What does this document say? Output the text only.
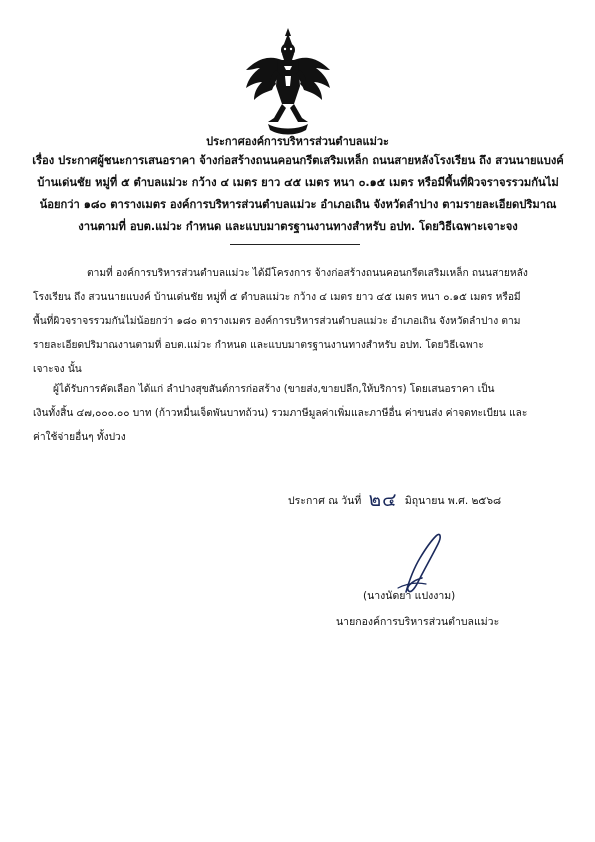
ประกาศองค์การบริหารส่วนตำบลแม่วะ
เรื่อง ประกาศผู้ชนะการเสนอราคา จ้างก่อสร้างถนนคอนกรีตเสริมเหล็ก ถนนสายหลังโรงเรียน ถึง สวนนายแบงค์
บ้านเด่นชัย หมู่ที่ ๕ ตำบลแม่วะ กว้าง ๔ เมตร ยาว ๔๕ เมตร หนา ๐.๑๕ เมตร หรือมีพื้นที่ผิวจราจรรวมกันไม่
น้อยกว่า ๑๘๐ ตารางเมตร องค์การบริหารส่วนตำบลแม่วะ อำเภอเถิน จังหวัดลำปาง ตามรายละเอียดปริมาณ
งานตามที่ อบต.แม่วะ กำหนด และแบบมาตรฐานงานทางสำหรับ อปท. โดยวิธีเฉพาะเจาะจง
ตามที่ องค์การบริหารส่วนตำบลแม่วะ ได้มีโครงการ จ้างก่อสร้างถนนคอนกรีตเสริมเหล็ก ถนนสายหลัง
โรงเรียน ถึง สวนนายแบงค์ บ้านเด่นชัย หมู่ที่ ๕ ตำบลแม่วะ กว้าง ๔ เมตร ยาว ๔๕ เมตร หนา ๐.๑๕ เมตร หรือมี
พื้นที่ผิวจราจรรวมกันไม่น้อยกว่า ๑๘๐ ตารางเมตร องค์การบริหารส่วนตำบลแม่วะ อำเภอเถิน จังหวัดลำปาง ตาม
รายละเอียดปริมาณงานตามที่ อบต.แม่วะ กำหนด และแบบมาตรฐานงานทางสำหรับ อปท. โดยวิธีเฉพาะ
เจาะจง นั้น
ผู้ได้รับการคัดเลือก ได้แก่ ลำปางสุขสันต์การก่อสร้าง (ขายส่ง,ขายปลีก,ให้บริการ) โดยเสนอราคา เป็น
เงินทั้งสิ้น ๔๗,๐๐๐.๐๐ บาท (ก้าวหมื่นเจ็ดพันบาทถ้วน) รวมภาษีมูลค่าเพิ่มและภาษีอื่น ค่าขนส่ง ค่าจดทะเบียน และ
ค่าใช้จ่ายอื่นๆ ทั้งปวง
ประกาศ ณ วันที่ ๒๔ มิถุนายน พ.ศ. ๒๕๖๘
(นางนัดยา แปงงาม)
นายกองค์การบริหารส่วนตำบลแม่วะ
